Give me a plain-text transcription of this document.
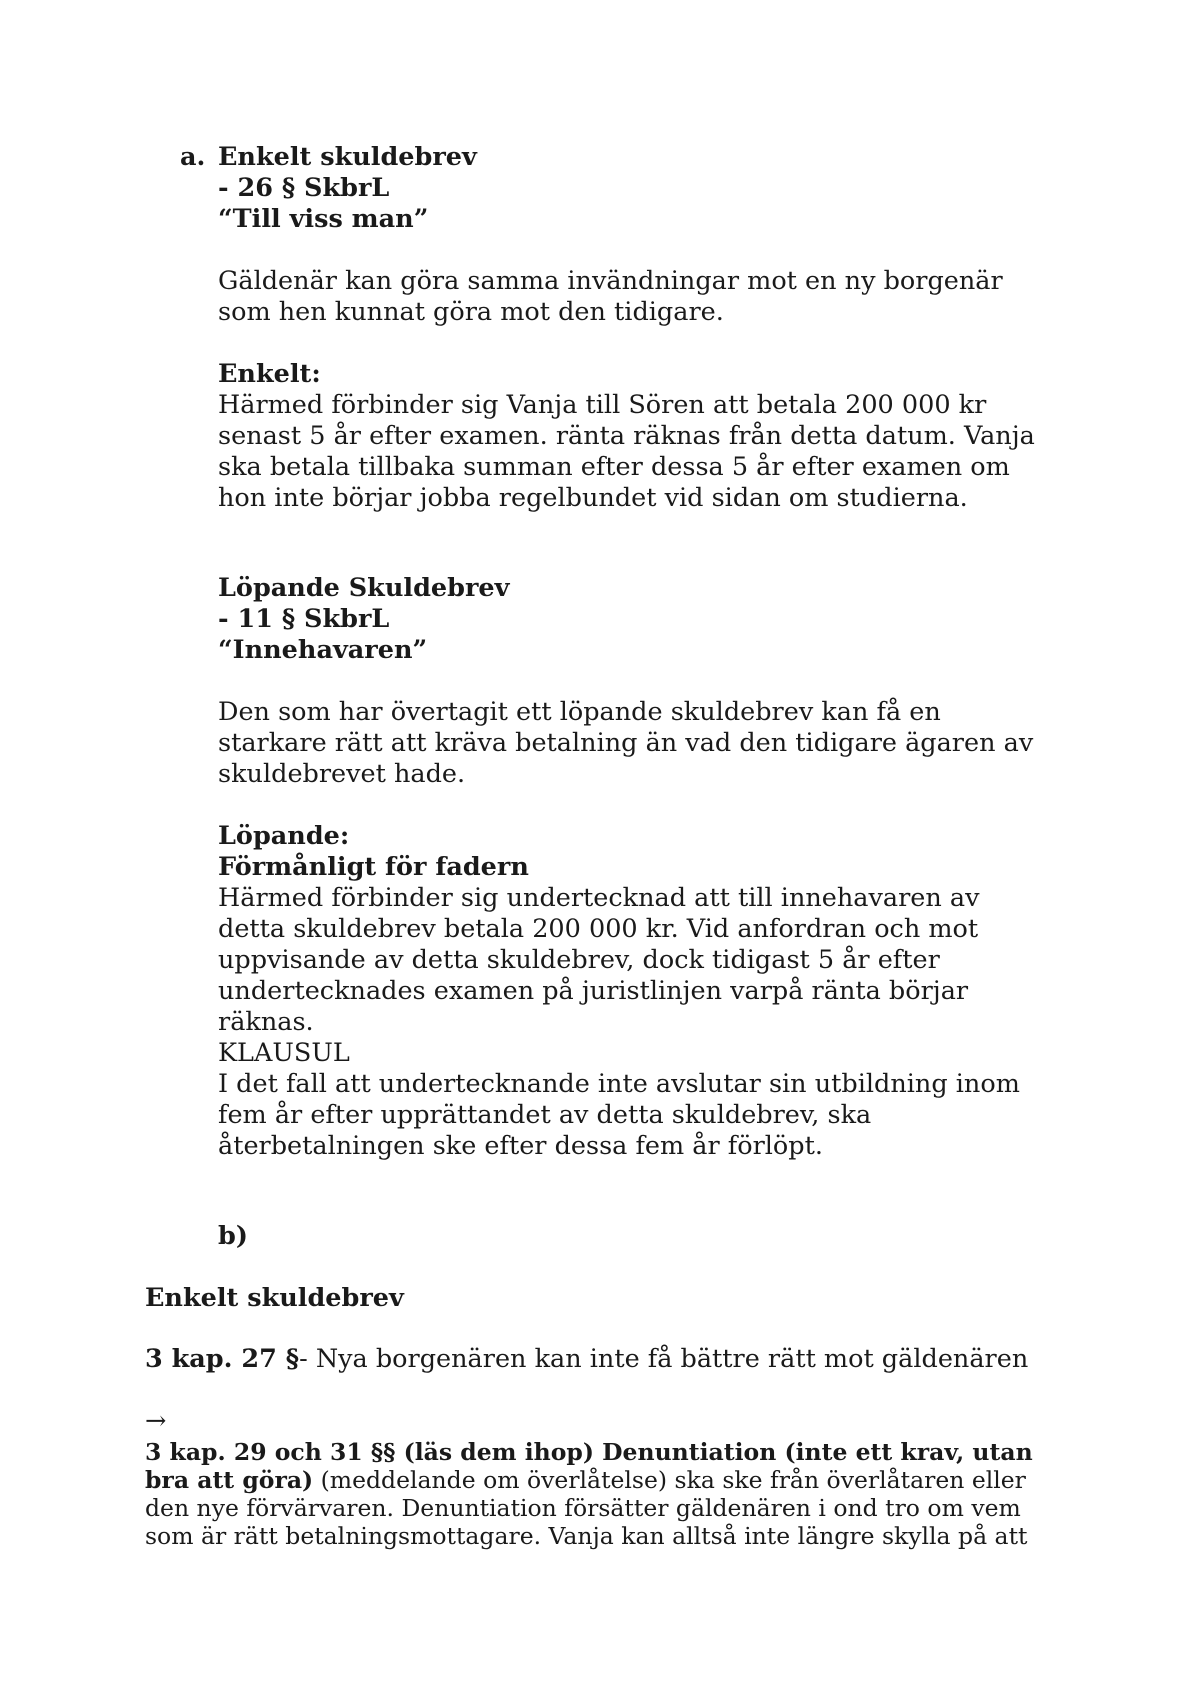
a. Enkelt skuldebrev
- 26 § SkbrL
“Till viss man”
Gäldenär kan göra samma invändningar mot en ny borgenär
som hen kunnat göra mot den tidigare.
Enkelt:
Härmed förbinder sig Vanja till Sören att betala 200 000 kr
senast 5 år efter examen. ränta räknas från detta datum. Vanja
ska betala tillbaka summan efter dessa 5 år efter examen om
hon inte börjar jobba regelbundet vid sidan om studierna.
Löpande Skuldebrev
- 11 § SkbrL
“Innehavaren”
Den som har övertagit ett löpande skuldebrev kan få en
starkare rätt att kräva betalning än vad den tidigare ägaren av
skuldebrevet hade.
Löpande:
Förmånligt för fadern
Härmed förbinder sig undertecknad att till innehavaren av
detta skuldebrev betala 200 000 kr. Vid anfordran och mot
uppvisande av detta skuldebrev, dock tidigast 5 år efter
undertecknades examen på juristlinjen varpå ränta börjar
räknas.
KLAUSUL
I det fall att undertecknande inte avslutar sin utbildning inom
fem år efter upprättandet av detta skuldebrev, ska
återbetalningen ske efter dessa fem år förlöpt.
b)
Enkelt skuldebrev
3 kap. 27 §- Nya borgenären kan inte få bättre rätt mot gäldenären
→
3 kap. 29 och 31 §§ (läs dem ihop) Denuntiation (inte ett krav, utan
bra att göra) (meddelande om överlåtelse) ska ske från överlåtaren eller
den nye förvärvaren. Denuntiation försätter gäldenären i ond tro om vem
som är rätt betalningsmottagare. Vanja kan alltså inte längre skylla på att
